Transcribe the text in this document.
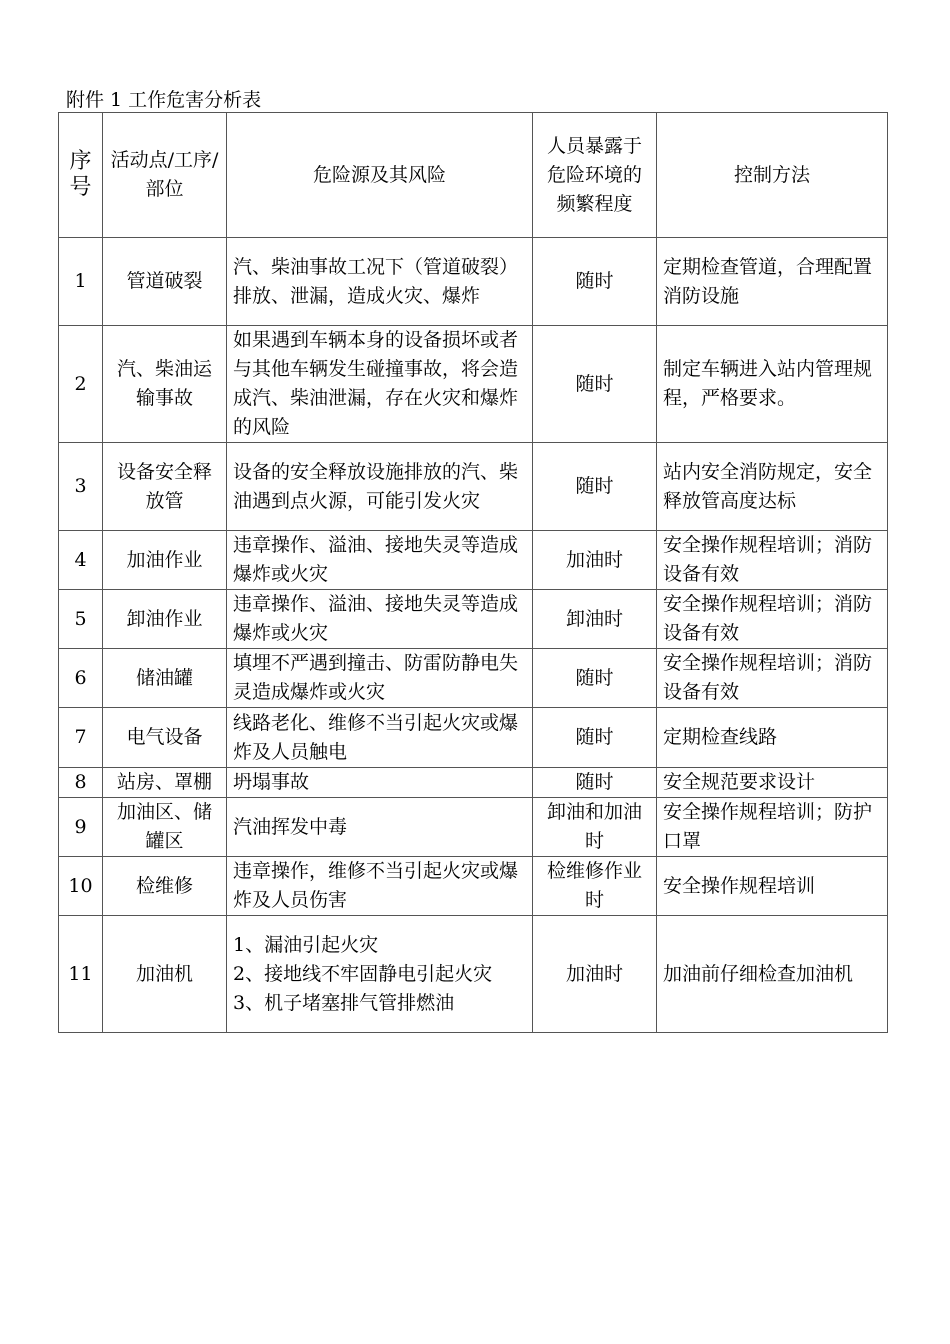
附件 1 工作危害分析表
序号	活动点/工序/部位	危险源及其风险	人员暴露于危险环境的频繁程度	控制方法
1	管道破裂	汽、柴油事故工况下（管道破裂）排放、泄漏，造成火灾、爆炸	随时	定期检查管道，合理配置消防设施
2	汽、柴油运输事故	如果遇到车辆本身的设备损坏或者与其他车辆发生碰撞事故，将会造成汽、柴油泄漏，存在火灾和爆炸的风险	随时	制定车辆进入站内管理规程，严格要求。
3	设备安全释放管	设备的安全释放设施排放的汽、柴油遇到点火源，可能引发火灾	随时	站内安全消防规定，安全释放管高度达标
4	加油作业	违章操作、溢油、接地失灵等造成爆炸或火灾	加油时	安全操作规程培训；消防设备有效
5	卸油作业	违章操作、溢油、接地失灵等造成爆炸或火灾	卸油时	安全操作规程培训；消防设备有效
6	储油罐	填埋不严遇到撞击、防雷防静电失灵造成爆炸或火灾	随时	安全操作规程培训；消防设备有效
7	电气设备	线路老化、维修不当引起火灾或爆炸及人员触电	随时	定期检查线路
8	站房、罩棚	坍塌事故	随时	安全规范要求设计
9	加油区、储罐区	汽油挥发中毒	卸油和加油时	安全操作规程培训；防护口罩
10	检维修	违章操作，维修不当引起火灾或爆炸及人员伤害	检维修作业时	安全操作规程培训
11	加油机	1、漏油引起火灾
2、接地线不牢固静电引起火灾
3、机子堵塞排气管排燃油	加油时	加油前仔细检查加油机
